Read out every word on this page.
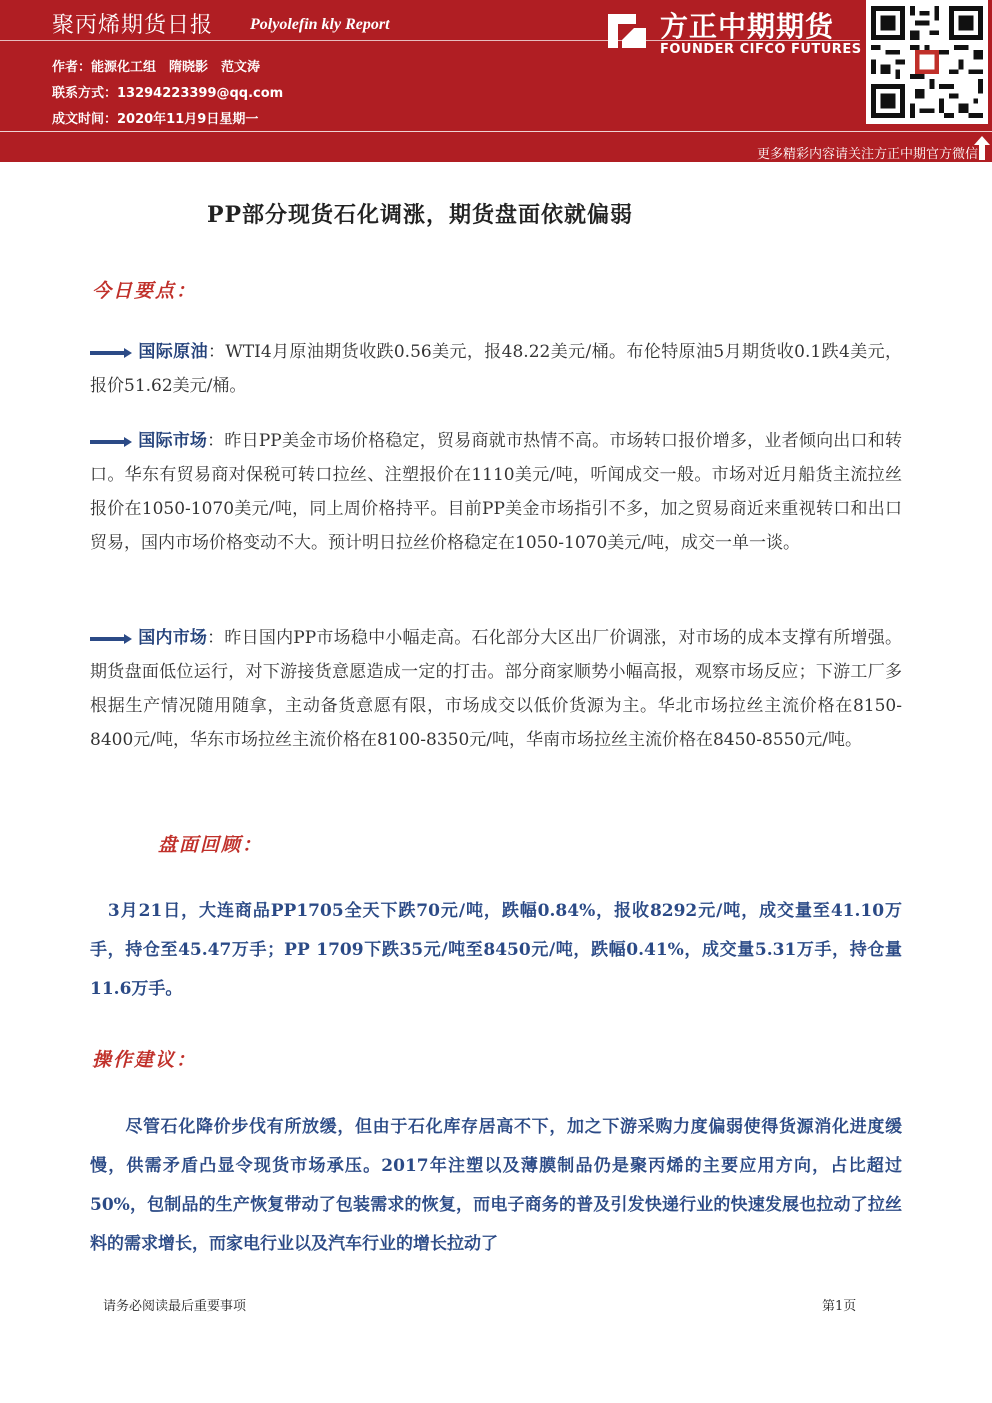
聚丙烯期货日报 Polyolefin kly Report
作者：能源化工组　隋晓影　范文涛
联系方式：13294223399@qq.com
成文时间：2020年11月9日星期一
方正中期期货
FOUNDER CIFCO FUTURES
更多精彩内容请关注方正中期官方微信
PP部分现货石化调涨，期货盘面依就偏弱
今日要点：
国际原油：WTI4月原油期货收跌0.56美元，报48.22美元/桶。布伦特原油5月期货收0.1跌4美元，报价51.62美元/桶。
国际市场：昨日PP美金市场价格稳定，贸易商就市热情不高。市场转口报价增多，业者倾向出口和转口。华东有贸易商对保税可转口拉丝、注塑报价在1110美元/吨，听闻成交一般。市场对近月船货主流拉丝报价在1050-1070美元/吨，同上周价格持平。目前PP美金市场指引不多，加之贸易商近来重视转口和出口贸易，国内市场价格变动不大。预计明日拉丝价格稳定在1050-1070美元/吨，成交一单一谈。
国内市场：昨日国内PP市场稳中小幅走高。石化部分大区出厂价调涨，对市场的成本支撑有所增强。期货盘面低位运行，对下游接货意愿造成一定的打击。部分商家顺势小幅高报，观察市场反应；下游工厂多根据生产情况随用随拿，主动备货意愿有限，市场成交以低价货源为主。华北市场拉丝主流价格在8150-8400元/吨，华东市场拉丝主流价格在8100-8350元/吨，华南市场拉丝主流价格在8450-8550元/吨。
盘面回顾：
　3月21日，大连商品PP1705全天下跌70元/吨，跌幅0.84%，报收8292元/吨，成交量至41.10万手，持仓至45.47万手；PP 1709下跌35元/吨至8450元/吨，跌幅0.41%，成交量5.31万手，持仓量11.6万手。
操作建议：
　　尽管石化降价步伐有所放缓，但由于石化库存居高不下，加之下游采购力度偏弱使得货源消化进度缓慢，供需矛盾凸显令现货市场承压。2017年注塑以及薄膜制品仍是聚丙烯的主要应用方向，占比超过50%，包制品的生产恢复带动了包装需求的恢复，而电子商务的普及引发快递行业的快速发展也拉动了拉丝料的需求增长，而家电行业以及汽车行业的增长拉动了
请务必阅读最后重要事项	第1页
